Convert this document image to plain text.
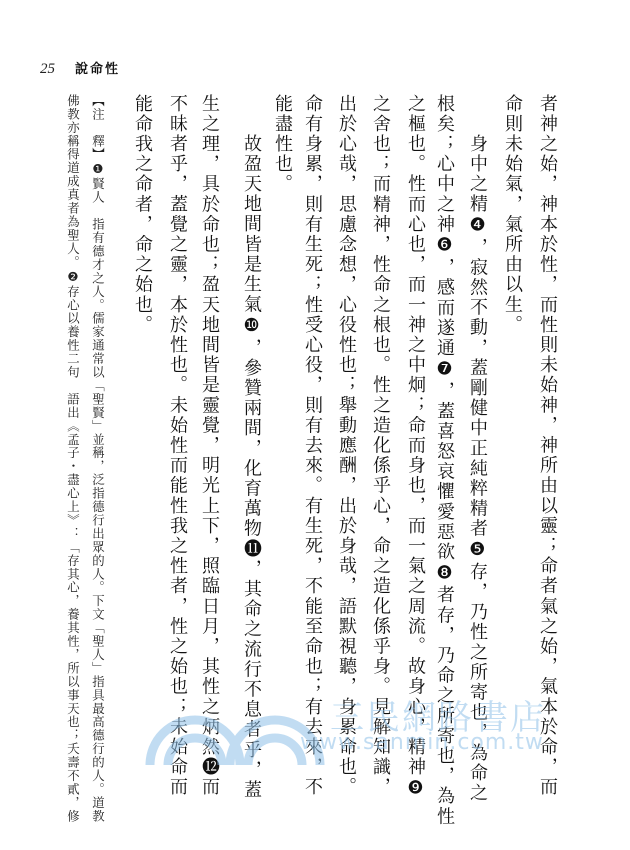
25 說命性
者神之始，神本於性，而性則未始神，神所由以靈；命者氣之始，氣本於命，而
命則未始氣，氣所由以生。
身中之精❹，寂然不動，蓋剛健中正純粹精者❺存，乃性之所寄也，為命之
根矣；心中之神❻，感而遂通❼，蓋喜怒哀懼愛惡欲❽者存，乃命之所寄也，為性
之樞也。性而心也，而一神之中炯；命而身也，而一氣之周流。故身心，精神❾
之舍也；而精神，性命之根也。性之造化係乎心，命之造化係乎身。見解知識，
出於心哉，思慮念想，心役性也；舉動應酬，出於身哉，語默視聽，身累命也。
命有身累，則有生死；性受心役，則有去來。有生死，不能至命也；有去來，不
能盡性也。
故盈天地間皆是生氣❿，參贊兩間，化育萬物⓫，其命之流行不息者乎，蓋
生之理，具於命也；盈天地間皆是靈覺，明光上下，照臨日月，其性之炳然⓬而
不昧者乎，蓋覺之靈，本於性也。未始性而能性我之性者，性之始也；未始命而
能命我之命者，命之始也。
【注　釋】❶賢人　指有德才之人。儒家通常以「聖賢」並稱，泛指德行出眾的人。下文「聖人」指具最高德行的人。道教
佛教亦稱得道成真者為聖人。❷存心以養性二句　語出《孟子・盡心上》：「存其心，養其性，所以事天也；夭壽不貳，修	三民網路書店
www.sanmin.com.tw
